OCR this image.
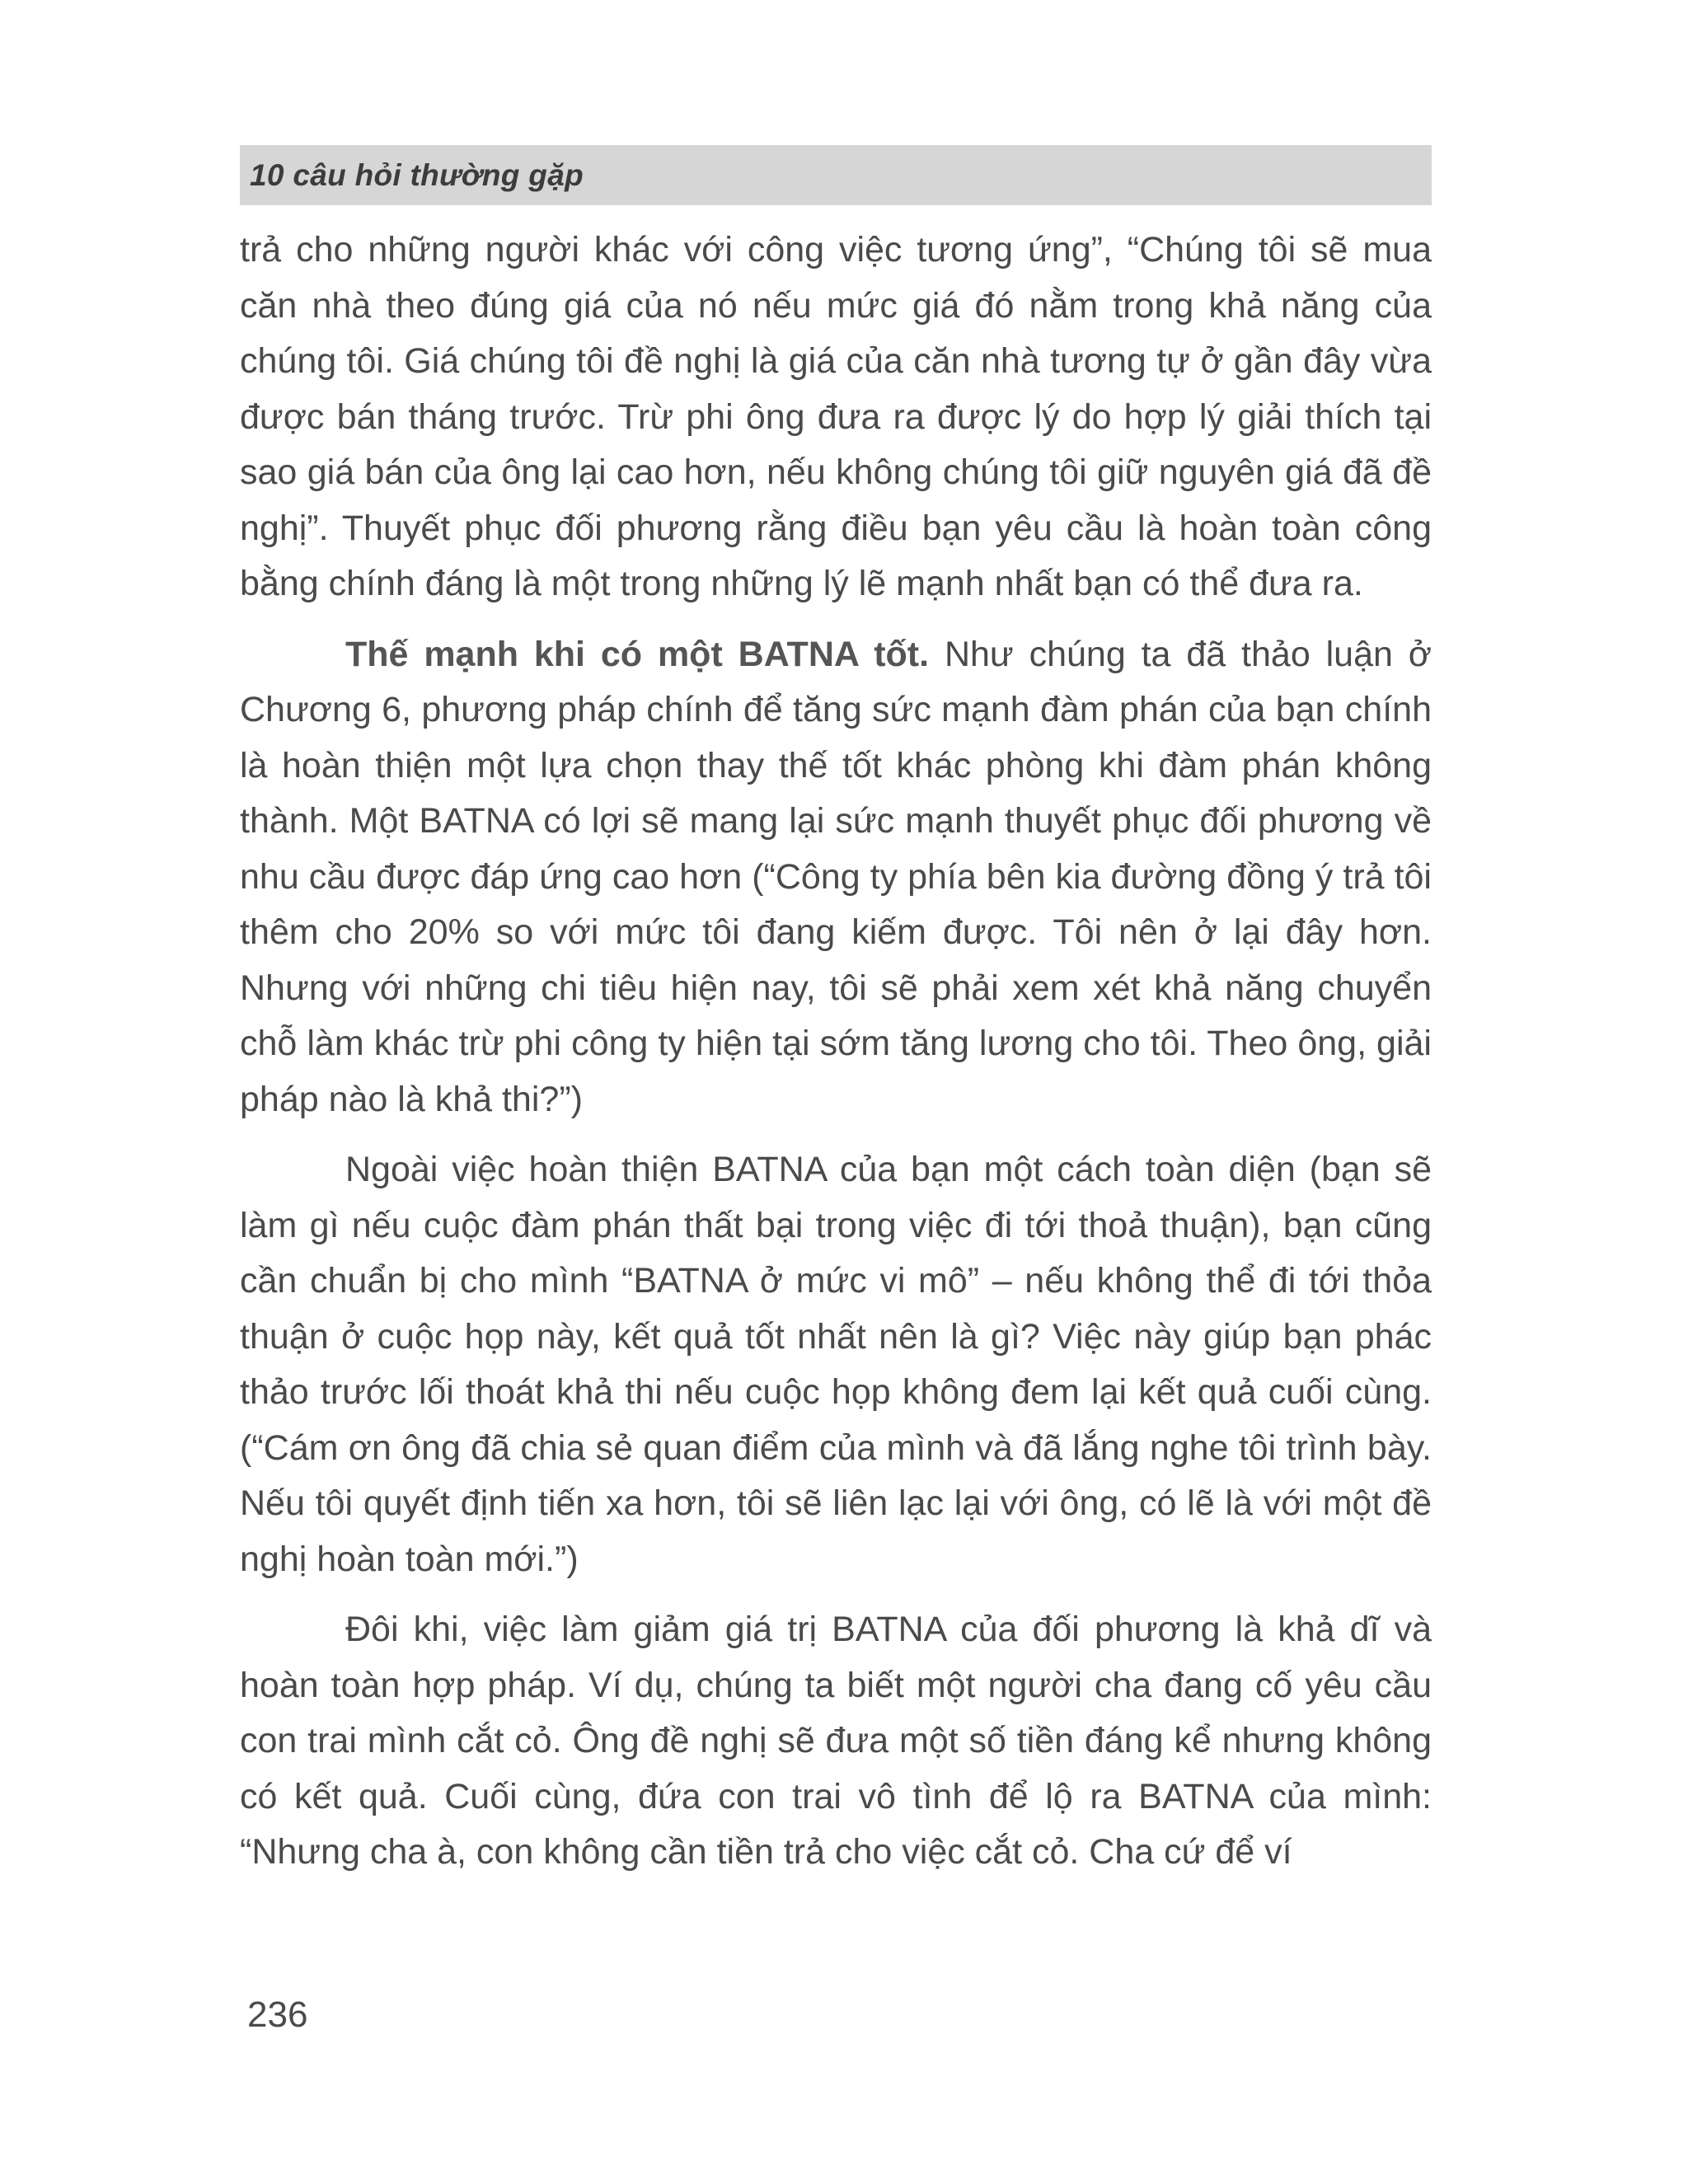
10 câu hỏi thường gặp

trả cho những người khác với công việc tương ứng”, “Chúng tôi sẽ mua căn nhà theo đúng giá của nó nếu mức giá đó nằm trong khả năng của chúng tôi. Giá chúng tôi đề nghị là giá của căn nhà tương tự ở gần đây vừa được bán tháng trước. Trừ phi ông đưa ra được lý do hợp lý giải thích tại sao giá bán của ông lại cao hơn, nếu không chúng tôi giữ nguyên giá đã đề nghị”. Thuyết phục đối phương rằng điều bạn yêu cầu là hoàn toàn công bằng chính đáng là một trong những lý lẽ mạnh nhất bạn có thể đưa ra.

Thế mạnh khi có một BATNA tốt. Như chúng ta đã thảo luận ở Chương 6, phương pháp chính để tăng sức mạnh đàm phán của bạn chính là hoàn thiện một lựa chọn thay thế tốt khác phòng khi đàm phán không thành. Một BATNA có lợi sẽ mang lại sức mạnh thuyết phục đối phương về nhu cầu được đáp ứng cao hơn (“Công ty phía bên kia đường đồng ý trả tôi thêm cho 20% so với mức tôi đang kiếm được. Tôi nên ở lại đây hơn. Nhưng với những chi tiêu hiện nay, tôi sẽ phải xem xét khả năng chuyển chỗ làm khác trừ phi công ty hiện tại sớm tăng lương cho tôi. Theo ông, giải pháp nào là khả thi?”)

Ngoài việc hoàn thiện BATNA của bạn một cách toàn diện (bạn sẽ làm gì nếu cuộc đàm phán thất bại trong việc đi tới thoả thuận), bạn cũng cần chuẩn bị cho mình “BATNA ở mức vi mô” – nếu không thể đi tới thỏa thuận ở cuộc họp này, kết quả tốt nhất nên là gì? Việc này giúp bạn phác thảo trước lối thoát khả thi nếu cuộc họp không đem lại kết quả cuối cùng. (“Cám ơn ông đã chia sẻ quan điểm của mình và đã lắng nghe tôi trình bày. Nếu tôi quyết định tiến xa hơn, tôi sẽ liên lạc lại với ông, có lẽ là với một đề nghị hoàn toàn mới.”)

Đôi khi, việc làm giảm giá trị BATNA của đối phương là khả dĩ và hoàn toàn hợp pháp. Ví dụ, chúng ta biết một người cha đang cố yêu cầu con trai mình cắt cỏ. Ông đề nghị sẽ đưa một số tiền đáng kể nhưng không có kết quả. Cuối cùng, đứa con trai vô tình để lộ ra BATNA của mình: “Nhưng cha à, con không cần tiền trả cho việc cắt cỏ. Cha cứ để ví

236
